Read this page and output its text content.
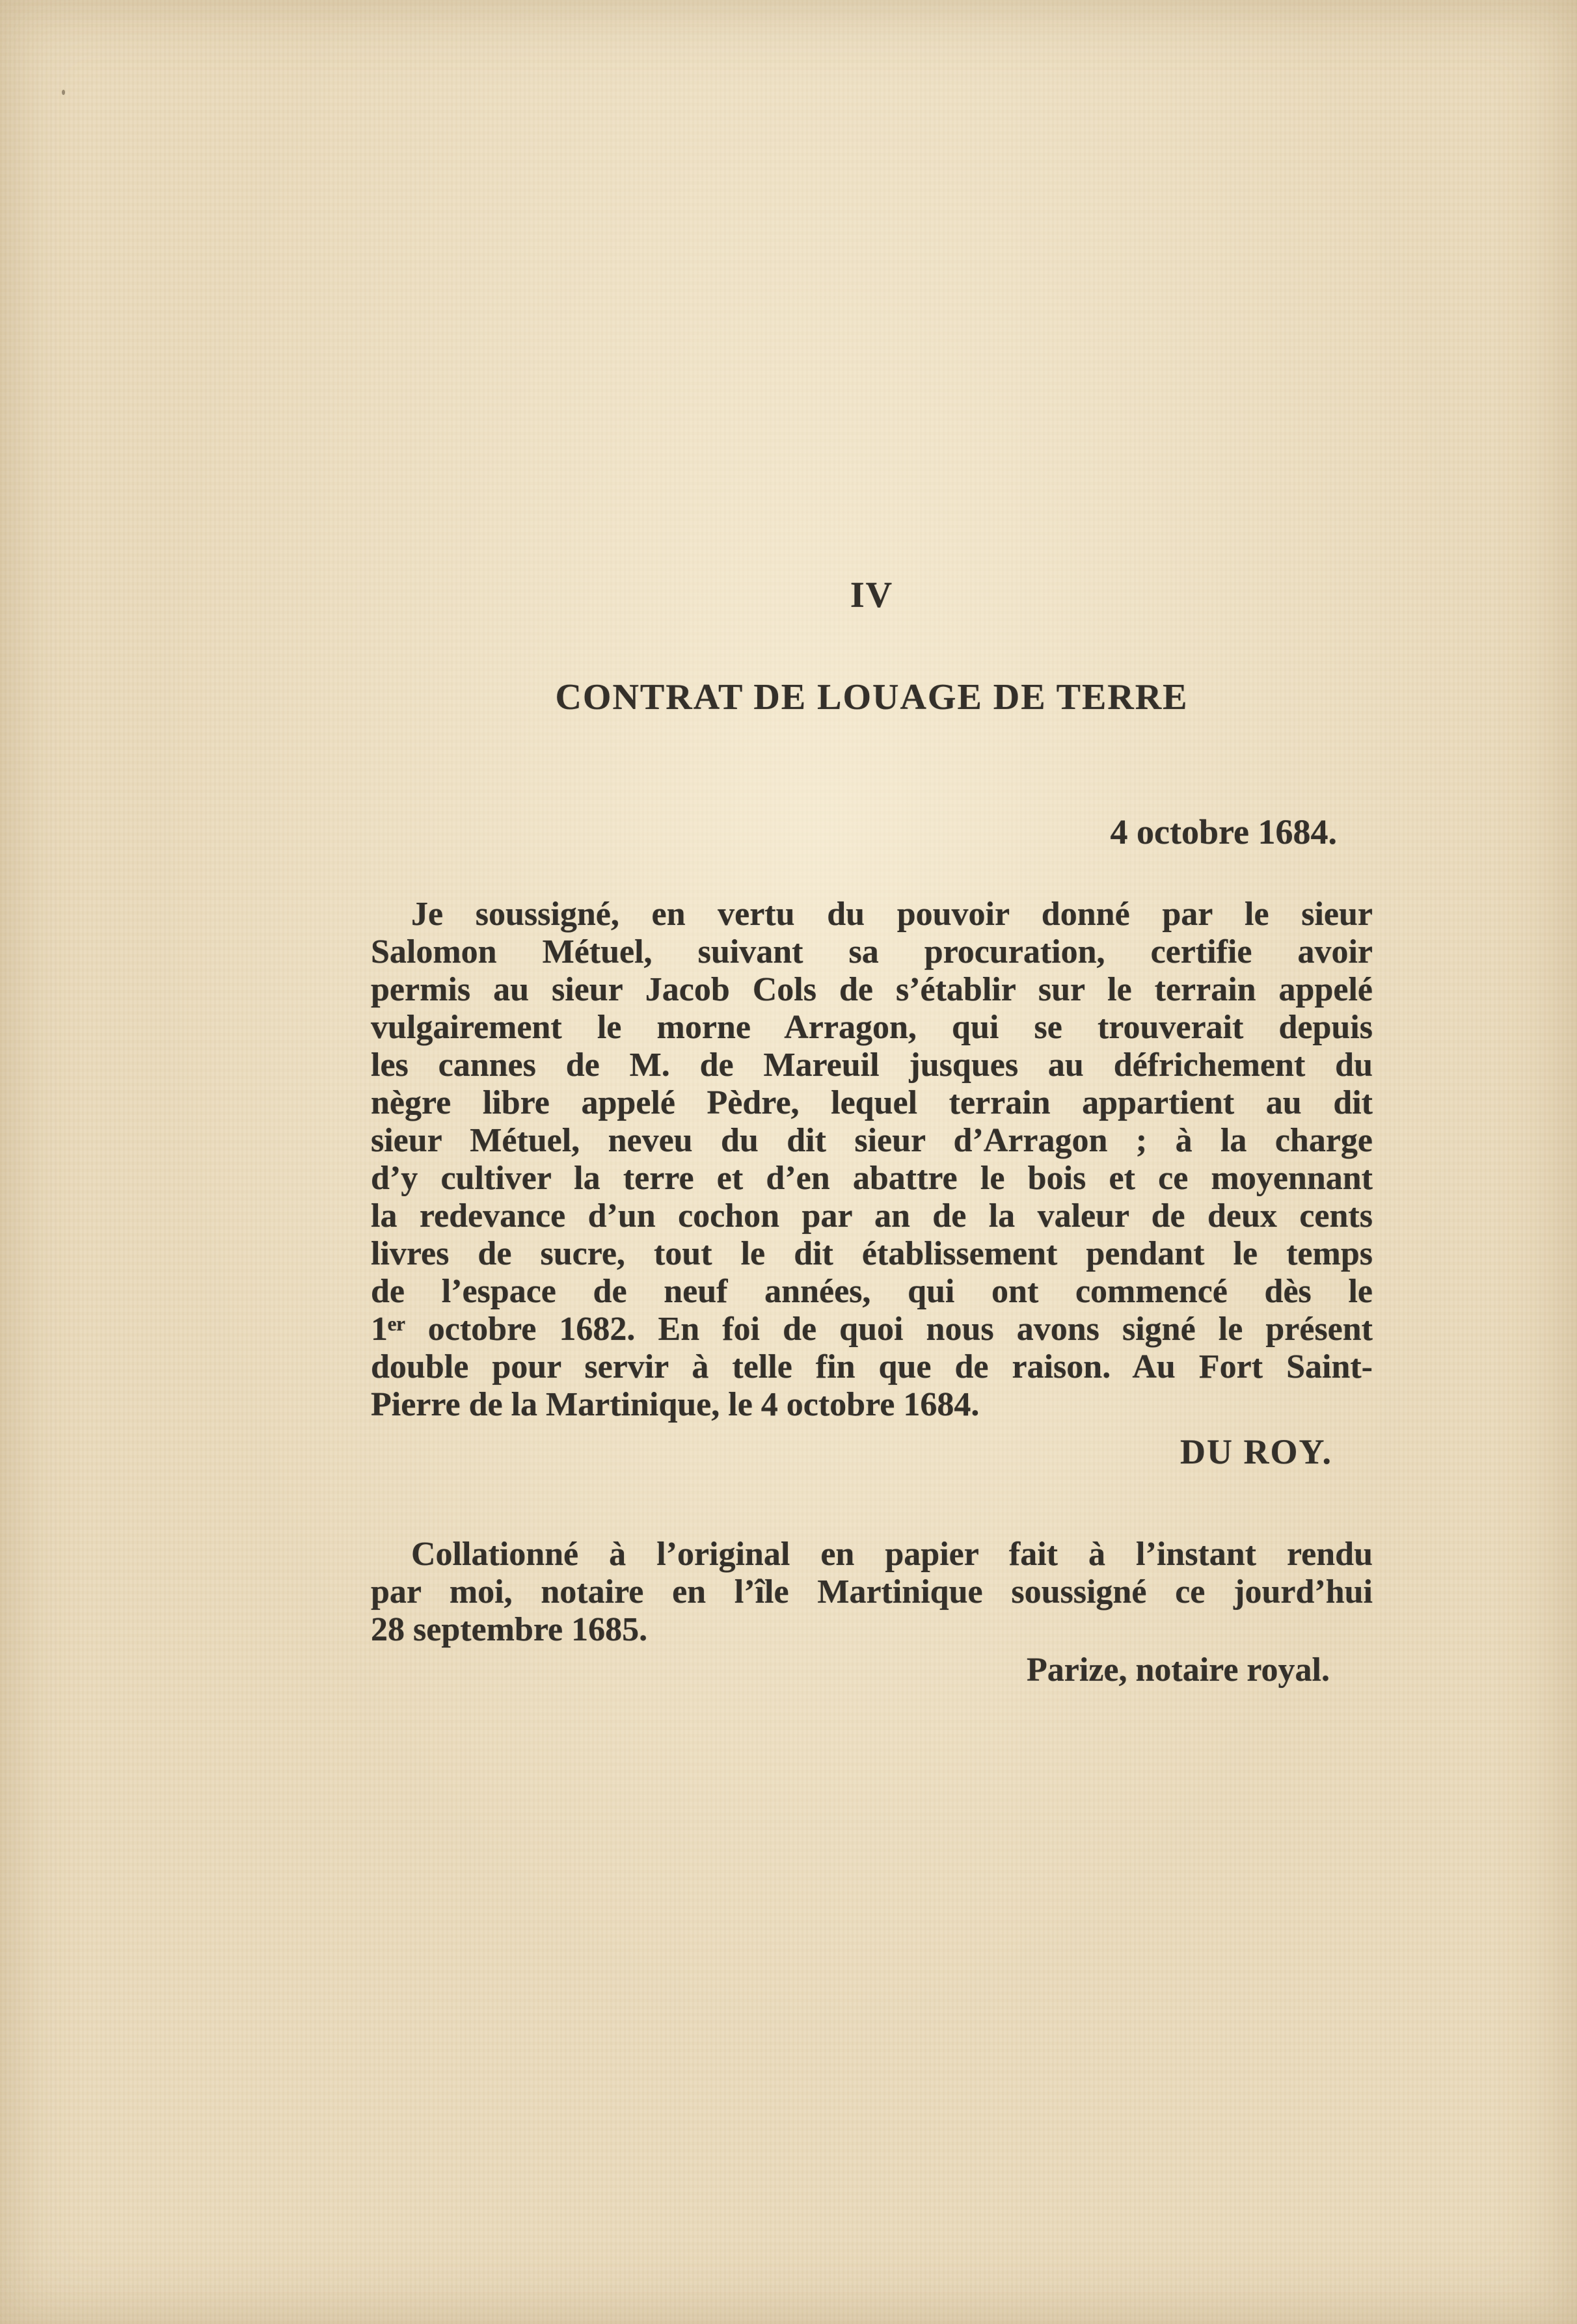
IV
CONTRAT DE LOUAGE DE TERRE
4 octobre 1684.
Je soussigné, en vertu du pouvoir donné par le sieur
Salomon Métuel, suivant sa procuration, certifie avoir
permis au sieur Jacob Cols de s’établir sur le terrain appelé
vulgairement le morne Arragon, qui se trouverait depuis
les cannes de M. de Mareuil jusques au défrichement du
nègre libre appelé Pèdre, lequel terrain appartient au dit
sieur Métuel, neveu du dit sieur d’Arragon ; à la charge
d’y cultiver la terre et d’en abattre le bois et ce moyennant
la redevance d’un cochon par an de la valeur de deux cents
livres de sucre, tout le dit établissement pendant le temps
de l’espace de neuf années, qui ont commencé dès le
1ᵉʳ octobre 1682. En foi de quoi nous avons signé le présent
double pour servir à telle fin que de raison. Au Fort Saint-
Pierre de la Martinique, le 4 octobre 1684.
DU ROY.
Collationné à l’original en papier fait à l’instant rendu
par moi, notaire en l’île Martinique soussigné ce jourd’hui
28 septembre 1685.
Parize, notaire royal.
